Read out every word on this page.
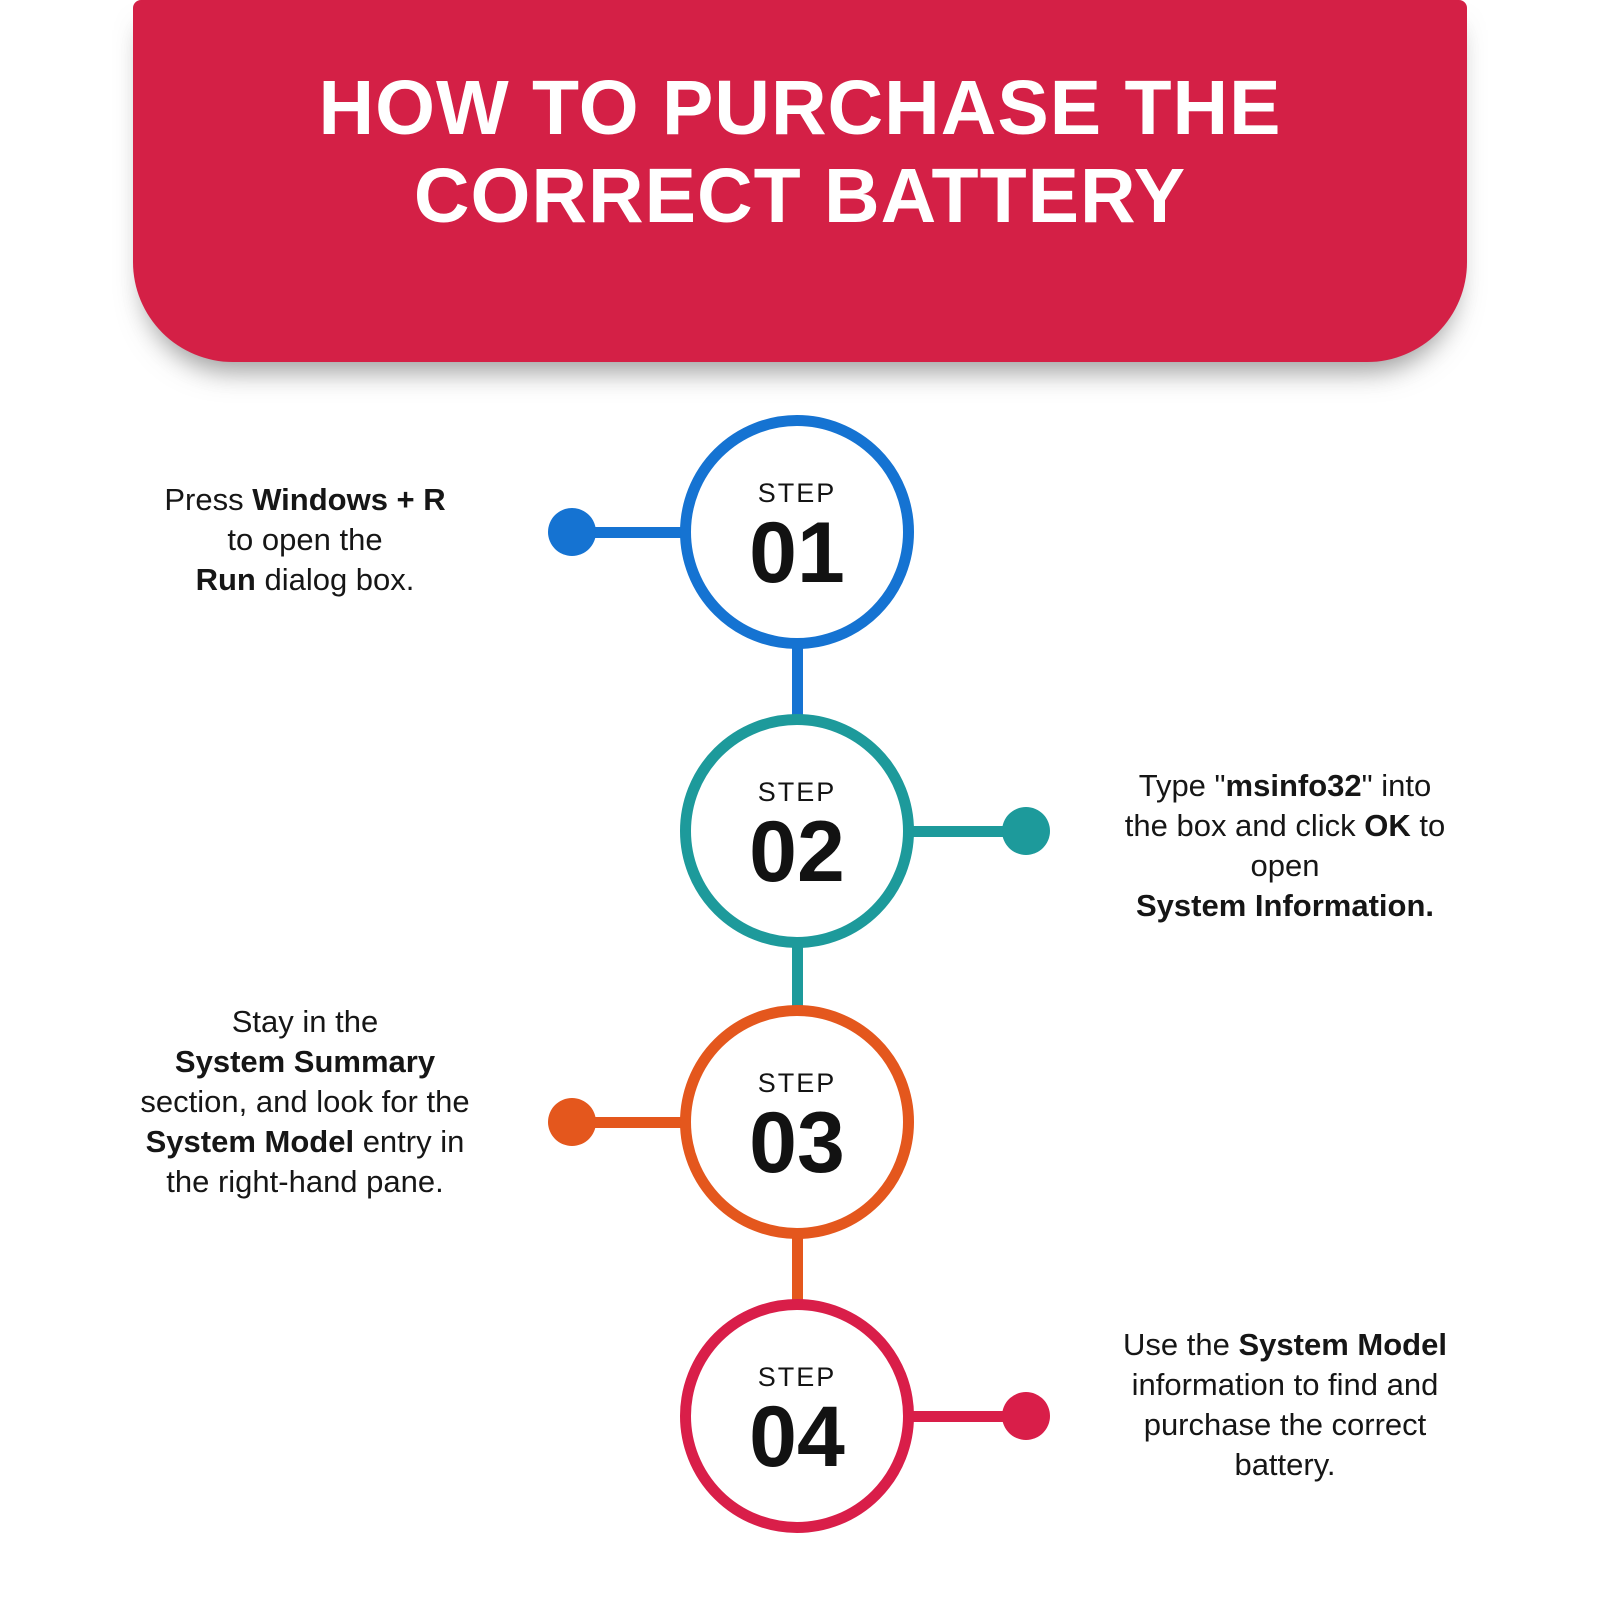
HOW TO PURCHASE THE
CORRECT BATTERY
STEP
01
Press Windows + R
to open the
Run dialog box.
STEP
02
Type "msinfo32" into
the box and click OK to
open
System Information.
STEP
03
Stay in the
System Summary
section, and look for the
System Model entry in
the right-hand pane.
STEP
04
Use the System Model
information to find and
purchase the correct
battery.
